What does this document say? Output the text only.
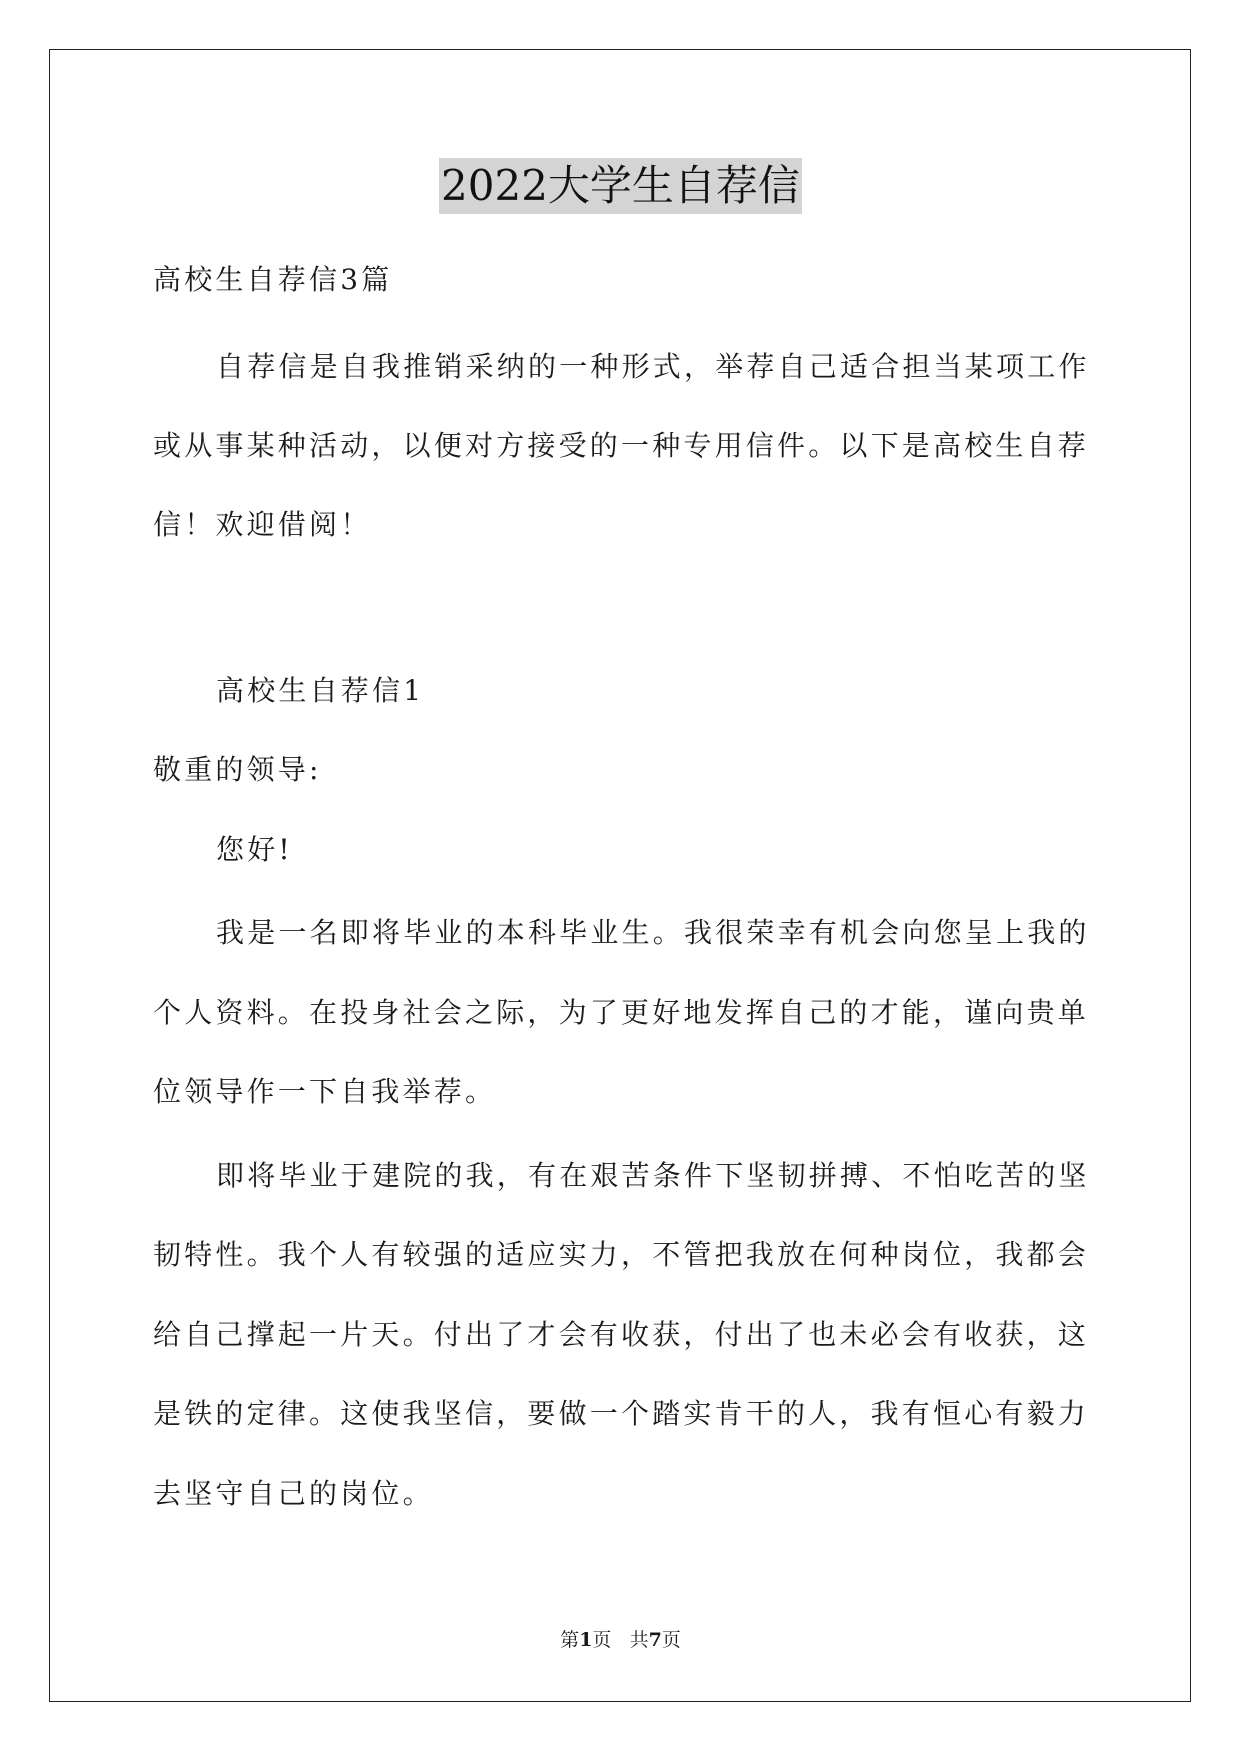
2022大学生自荐信
高校生自荐信3篇
自荐信是自我推销采纳的一种形式，举荐自己适合担当某项工作
或从事某种活动，以便对方接受的一种专用信件。以下是高校生自荐
信！欢迎借阅！
高校生自荐信1
敬重的领导:
您好!
我是一名即将毕业的本科毕业生。我很荣幸有机会向您呈上我的
个人资料。在投身社会之际，为了更好地发挥自己的才能，谨向贵单
位领导作一下自我举荐。
即将毕业于建院的我，有在艰苦条件下坚韧拼搏、不怕吃苦的坚
韧特性。我个人有较强的适应实力，不管把我放在何种岗位，我都会
给自己撑起一片天。付出了才会有收获，付出了也未必会有收获，这
是铁的定律。这使我坚信，要做一个踏实肯干的人，我有恒心有毅力
去坚守自己的岗位。
第1页 共7页
